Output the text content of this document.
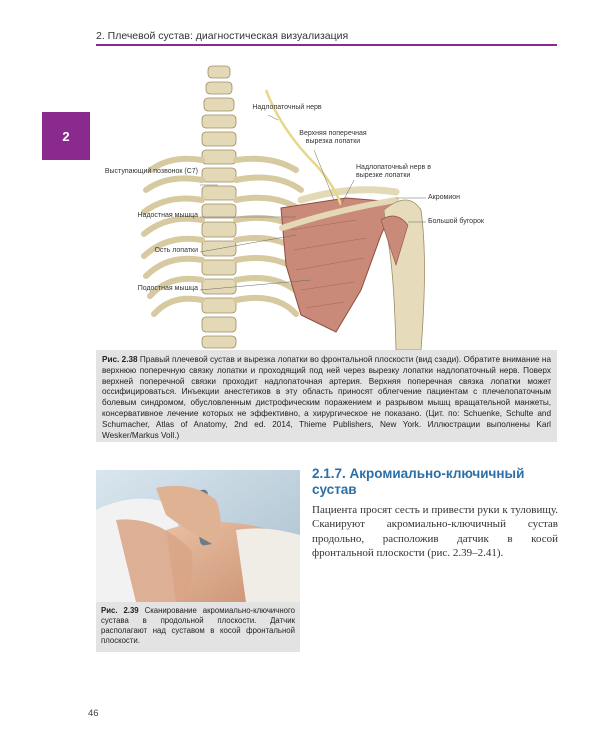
2. Плечевой сустав: диагностическая визуализация
2
Надлопаточный нерв
Верхняя поперечная вырезка лопатки
Надлопаточный нерв в вырезке лопатки
Акромион
Большой бугорок
Выступающий позвонок (C7)
Надостная мышца
Ость лопатки
Подостная мышца
Рис. 2.38 Правый плечевой сустав и вырезка лопатки во фронтальной плоскости (вид сзади). Обратите внимание на верхнюю поперечную связку лопатки и проходящий под ней через вырезку лопатки надлопаточный нерв. Поверх верхней поперечной связки проходит надлопаточная артерия. Верхняя поперечная связка лопатки может оссифицироваться. Инъекции анестетиков в эту область приносят облегчение пациентам с плечелопаточным болевым синдромом, обусловленным дистрофическим поражением и разрывом мышц вращательной манжеты, консервативное лечение которых не эффективно, а хирургическое не показано. (Цит. по: Schuenke, Schulte and Schumacher, Atlas of Anatomy, 2nd ed. 2014, Thieme Publishers, New York. Иллюстрации выполнены Karl Wesker/Markus Voll.)
Рис. 2.39 Сканирование акромиально-ключичного сустава в продольной плоскости. Датчик располагают над суставом в косой фронтальной плоскости.
2.1.7. Акромиально-ключичный сустав
Пациента просят сесть и привести руки к туловищу. Сканируют акромиально-ключичный сустав продольно, расположив датчик в косой фронтальной плоскости (рис. 2.39–2.41).
46
